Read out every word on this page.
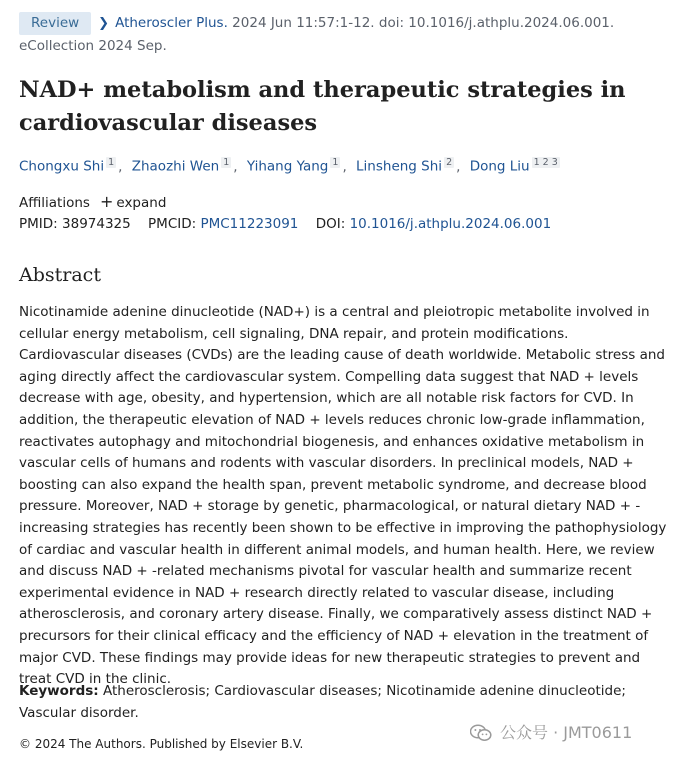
Review ❯ Atheroscler Plus. 2024 Jun 11:57:1-12. doi: 10.1016/j.athplu.2024.06.001.
eCollection 2024 Sep.
NAD+ metabolism and therapeutic strategies in cardiovascular diseases
Chongxu Shi $^1$ , Zhaozhi Wen $^1$ , Yihang Yang $^1$ , Linsheng Shi $^2$ , Dong Liu $^{1 2 3}$
Affiliations + expand
PMID: 38974325 PMCID: PMC11223091 DOI: 10.1016/j.athplu.2024.06.001
Abstract

Nicotinamide adenine dinucleotide (NAD+) is a central and pleiotropic metabolite involved in cellular energy metabolism, cell signaling, DNA repair, and protein modifications. Cardiovascular diseases (CVDs) are the leading cause of death worldwide. Metabolic stress and aging directly affect the cardiovascular system. Compelling data suggest that NAD + levels decrease with age, obesity, and hypertension, which are all notable risk factors for CVD. In addition, the therapeutic elevation of NAD + levels reduces chronic low-grade inflammation, reactivates autophagy and mitochondrial biogenesis, and enhances oxidative metabolism in vascular cells of humans and rodents with vascular disorders. In preclinical models, NAD + boosting can also expand the health span, prevent metabolic syndrome, and decrease blood pressure. Moreover, NAD + storage by genetic, pharmacological, or natural dietary NAD + -increasing strategies has recently been shown to be effective in improving the pathophysiology of cardiac and vascular health in different animal models, and human health. Here, we review and discuss NAD + -related mechanisms pivotal for vascular health and summarize recent experimental evidence in NAD + research directly related to vascular disease, including atherosclerosis, and coronary artery disease. Finally, we comparatively assess distinct NAD + precursors for their clinical efficacy and the efficiency of NAD + elevation in the treatment of major CVD. These findings may provide ideas for new therapeutic strategies to prevent and treat CVD in the clinic.

Keywords: Atherosclerosis; Cardiovascular diseases; Nicotinamide adenine dinucleotide; Vascular disorder.

© 2024 The Authors. Published by Elsevier B.V.
公众号 · JMT0611
